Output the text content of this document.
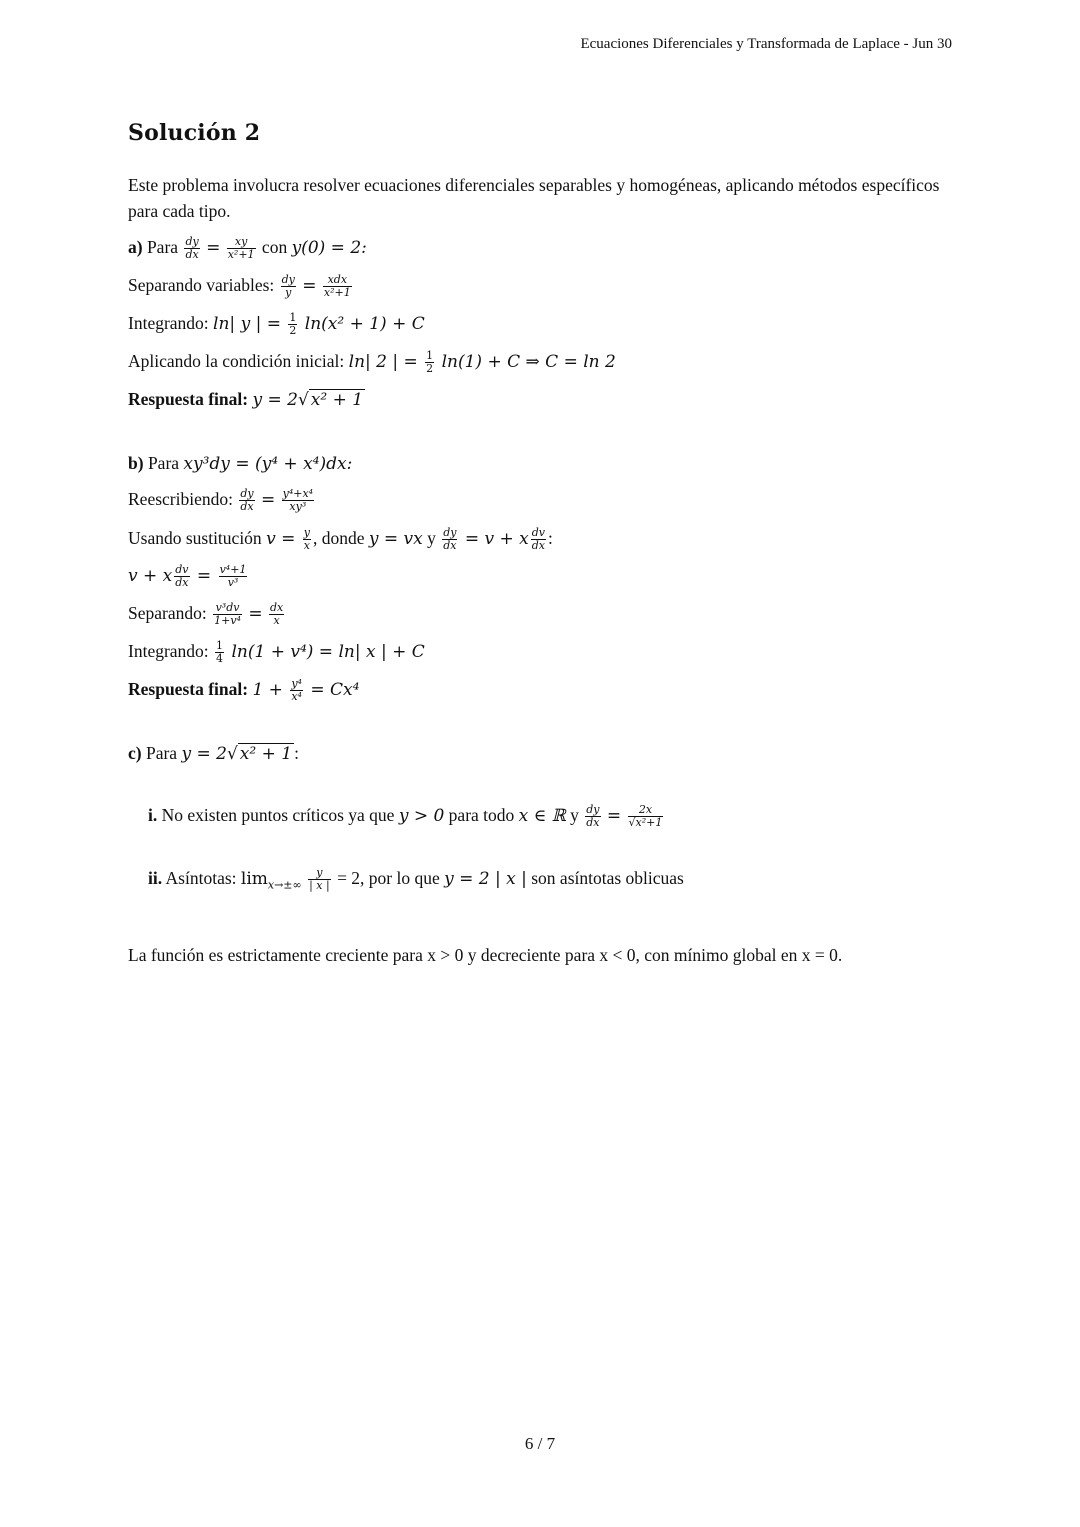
Ecuaciones Diferenciales y Transformada de Laplace - Jun 30
Solución 2
Este problema involucra resolver ecuaciones diferenciales separables y homogéneas, aplicando métodos específicos para cada tipo.
a) Para $\frac{dy}{dx} = \frac{xy}{\text{x²+1}}$ con y(0) = 2:
Separando variables: $\frac{dy}{y} = \frac{\text{xdx}}{\text{x²+1}}$
Integrando: ln| y | = $\frac{1}{2} \ln(x^2 + 1) + C$
Aplicando la condición inicial: ln| 2 | = $\frac{1}{2} \ln(1) + C$ ⇒ C = ln 2
Respuesta final: y = 2√ x² + 1
b) Para xy³dy = (y⁴ + x⁴)dx:
Reescribiendo: $\frac{dy}{dx} = \frac{\text{y⁴+x⁴}}{\text{xy³}}$
Usando sustitución $v = \frac{y}{x}$ , donde y = vx y $\frac{dy}{dx} = v + x \frac{dv}{dx}$ :
v + x $\frac{dv}{dx} = \frac{\text{v⁴+1}}{\text{v³}}$
Separando: $\frac{\text{v³dv}}{\text{1+v⁴}} = \frac{dx}{x}$
Integrando: $\frac{1}{4} \ln(1 + v^4) = \ln|$ x | + C
Respuesta final: $1 + \frac{\text{y⁴}}{\text{x⁴}} = Cx^4$
c) Para y = 2√ x² + 1 :
i. No existen puntos críticos ya que y > 0 para todo x ∈ ℝ y $\frac{dy}{dx} = \frac{2x}{\text{√x²+1}}$
ii. Asíntotas: $\lim_{x\to\pm\infty} \frac{y}{| x |} = 2$, por lo que y = 2 | x | son asíntotas oblicuas
La función es estrictamente creciente para x > 0 y decreciente para x < 0, con mínimo global en x = 0.
6 / 7
